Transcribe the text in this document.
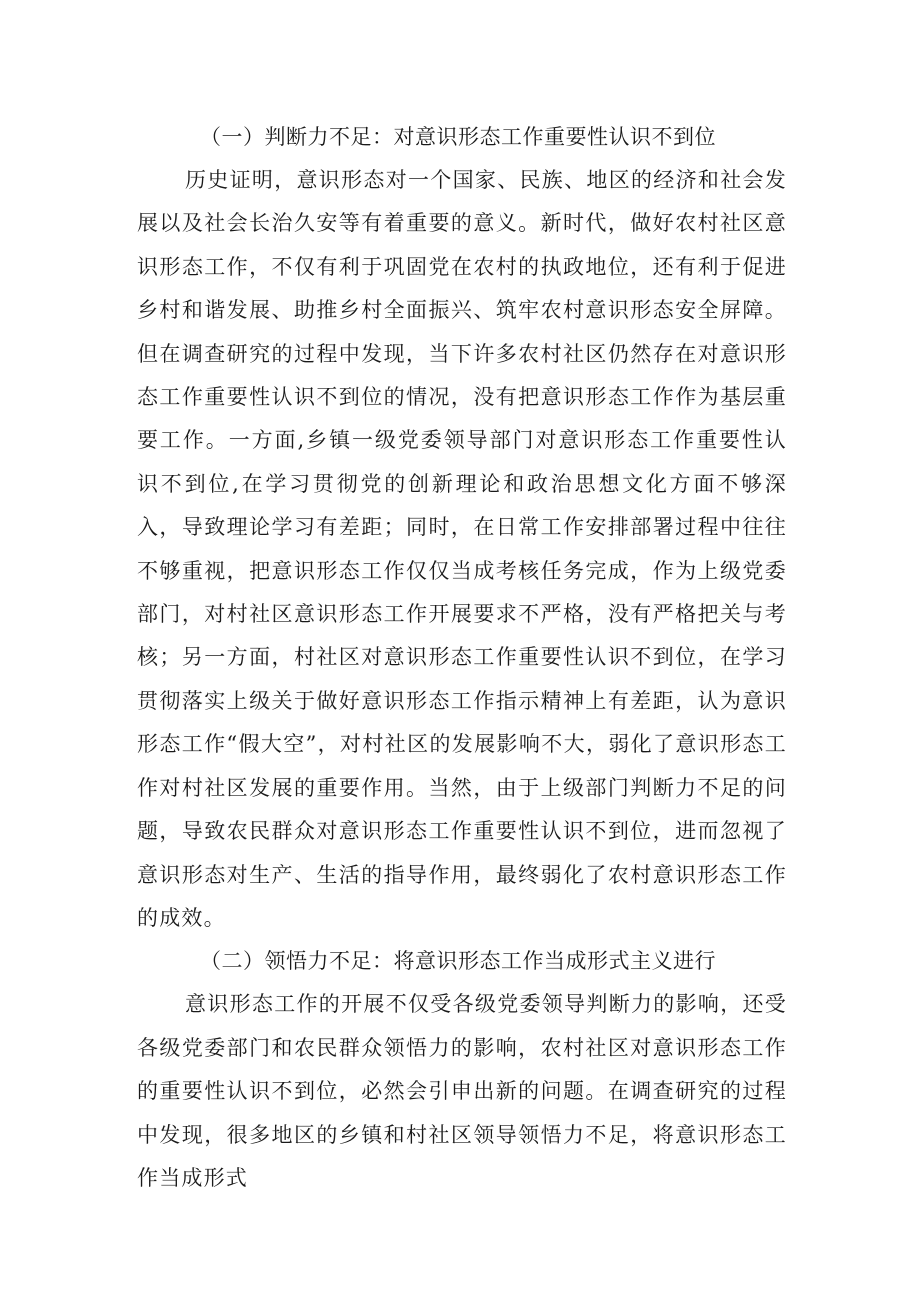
（一）判断力不足：对意识形态工作重要性认识不到位
历史证明，意识形态对一个国家、民族、地区的经济和社会发展以及社会长治久安等有着重要的意义。新时代，做好农村社区意识形态工作，不仅有利于巩固党在农村的执政地位，还有利于促进乡村和谐发展、助推乡村全面振兴、筑牢农村意识形态安全屏障。但在调查研究的过程中发现，当下许多农村社区仍然存在对意识形态工作重要性认识不到位的情况，没有把意识形态工作作为基层重要工作。一方面,乡镇一级党委领导部门对意识形态工作重要性认识不到位,在学习贯彻党的创新理论和政治思想文化方面不够深入，导致理论学习有差距；同时，在日常工作安排部署过程中往往不够重视，把意识形态工作仅仅当成考核任务完成，作为上级党委部门，对村社区意识形态工作开展要求不严格，没有严格把关与考核；另一方面，村社区对意识形态工作重要性认识不到位，在学习贯彻落实上级关于做好意识形态工作指示精神上有差距，认为意识形态工作“假大空”，对村社区的发展影响不大，弱化了意识形态工作对村社区发展的重要作用。当然，由于上级部门判断力不足的问题，导致农民群众对意识形态工作重要性认识不到位，进而忽视了意识形态对生产、生活的指导作用，最终弱化了农村意识形态工作的成效。
（二）领悟力不足：将意识形态工作当成形式主义进行
意识形态工作的开展不仅受各级党委领导判断力的影响，还受各级党委部门和农民群众领悟力的影响，农村社区对意识形态工作的重要性认识不到位，必然会引申出新的问题。在调查研究的过程中发现，很多地区的乡镇和村社区领导领悟力不足，将意识形态工作当成形式
